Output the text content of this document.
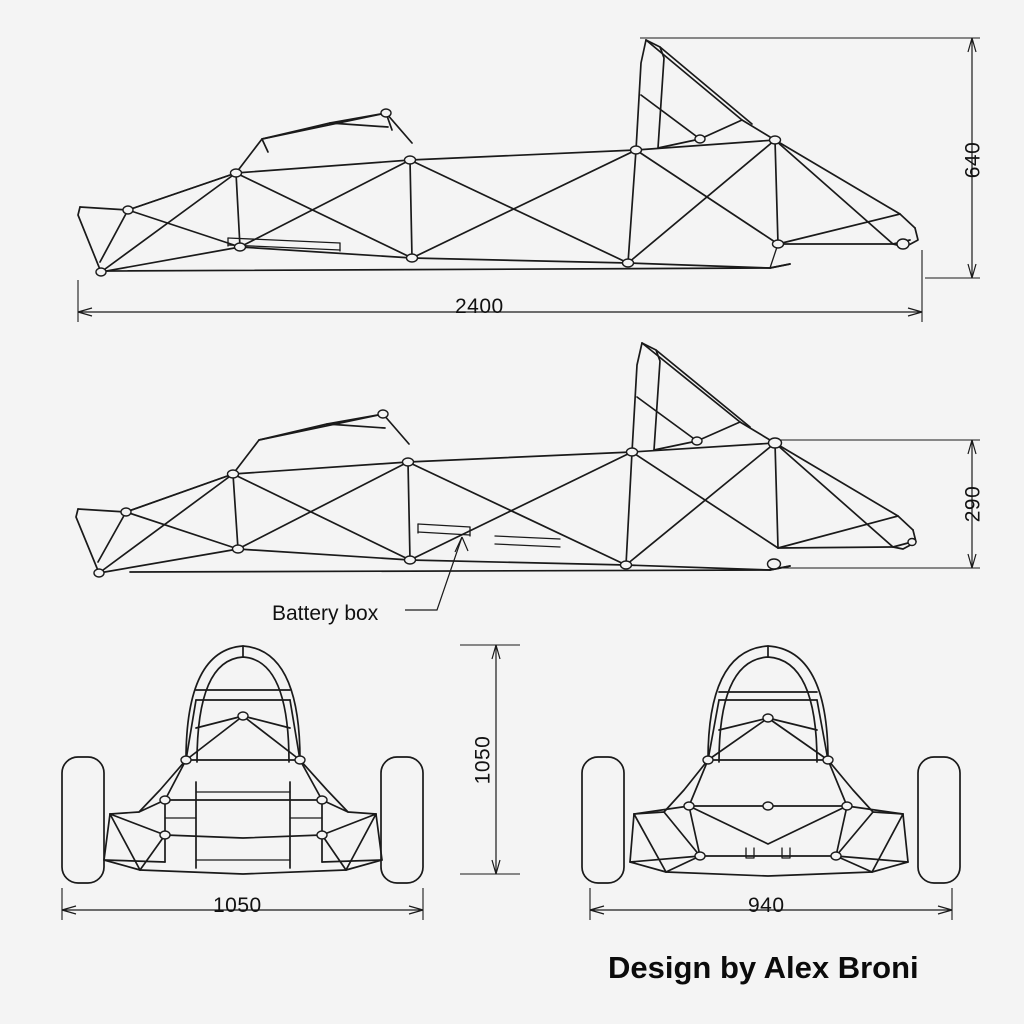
2400
640
290
Battery box
1050
1050	940
Design by Alex Broni
